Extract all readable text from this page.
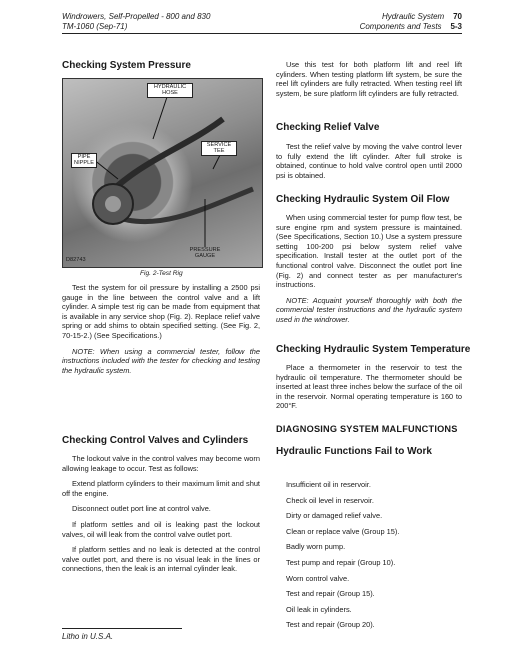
Windrowers, Self-Propelled - 800 and 830
TM-1060 (Sep-71)
Hydraulic System 70
Components and Tests 5-3
Checking System Pressure
HYDRAULIC
HOSE
SERVICE
TEE
PIPE
NIPPLE
PRESSURE
GAUGE
D82743
Fig. 2-Test Rig

Test the system for oil pressure by installing a 2500 psi gauge in the line between the control valve and a lift cylinder. A simple test rig can be made from equipment that is available in any service shop (Fig. 2). Replace relief valve spring or add shims to obtain specified setting. (See Fig. 2, 70-15-2.) (See Specifications.)

NOTE: When using a commercial tester, follow the instructions included with the tester for checking and testing the hydraulic system.

Checking Control Valves and Cylinders

The lockout valve in the control valves may become worn allowing leakage to occur. Test as follows:

Extend platform cylinders to their maximum limit and shut off the engine.

Disconnect outlet port line at control valve.

If platform settles and oil is leaking past the lockout valves, oil will leak from the control valve outlet port.

If platform settles and no leak is detected at the control valve outlet port, and there is no visual leak in the lines or connections, then the leak is an internal cylinder leak.

Litho in U.S.A.

Use this test for both platform lift and reel lift cylinders. When testing platform lift system, be sure the reel lift cylinders are fully retracted. When testing reel lift system, be sure platform lift cylinders are fully retracted.

Checking Relief Valve

Test the relief valve by moving the valve control lever to fully extend the lift cylinder. After full stroke is obtained, continue to hold valve control open until 2000 psi is obtained.

Checking Hydraulic System Oil Flow

When using commercial tester for pump flow test, be sure engine rpm and system pressure is maintained. (See Specifications, Section 10.) Use a system pressure setting 100-200 psi below system relief valve specification. Install tester at the outlet port of the functional control valve. Disconnect the outlet port line (Fig. 2) and connect tester as per manufacturer's instructions.

NOTE: Acquaint yourself thoroughly with both the commercial tester instructions and the hydraulic system used in the windrower.

Checking Hydraulic System Temperature

Place a thermometer in the reservoir to test the hydraulic oil temperature. The thermometer should be inserted at least three inches below the surface of the oil in the reservoir. Normal operating temperature is 160 to 200°F.

DIAGNOSING SYSTEM MALFUNCTIONS
Hydraulic Functions Fail to Work

Insufficient oil in reservoir.

Check oil level in reservoir.

Dirty or damaged relief valve.

Clean or replace valve (Group 15).

Badly worn pump.

Test pump and repair (Group 10).

Worn control valve.

Test and repair (Group 15).

Oil leak in cylinders.

Test and repair (Group 20).
